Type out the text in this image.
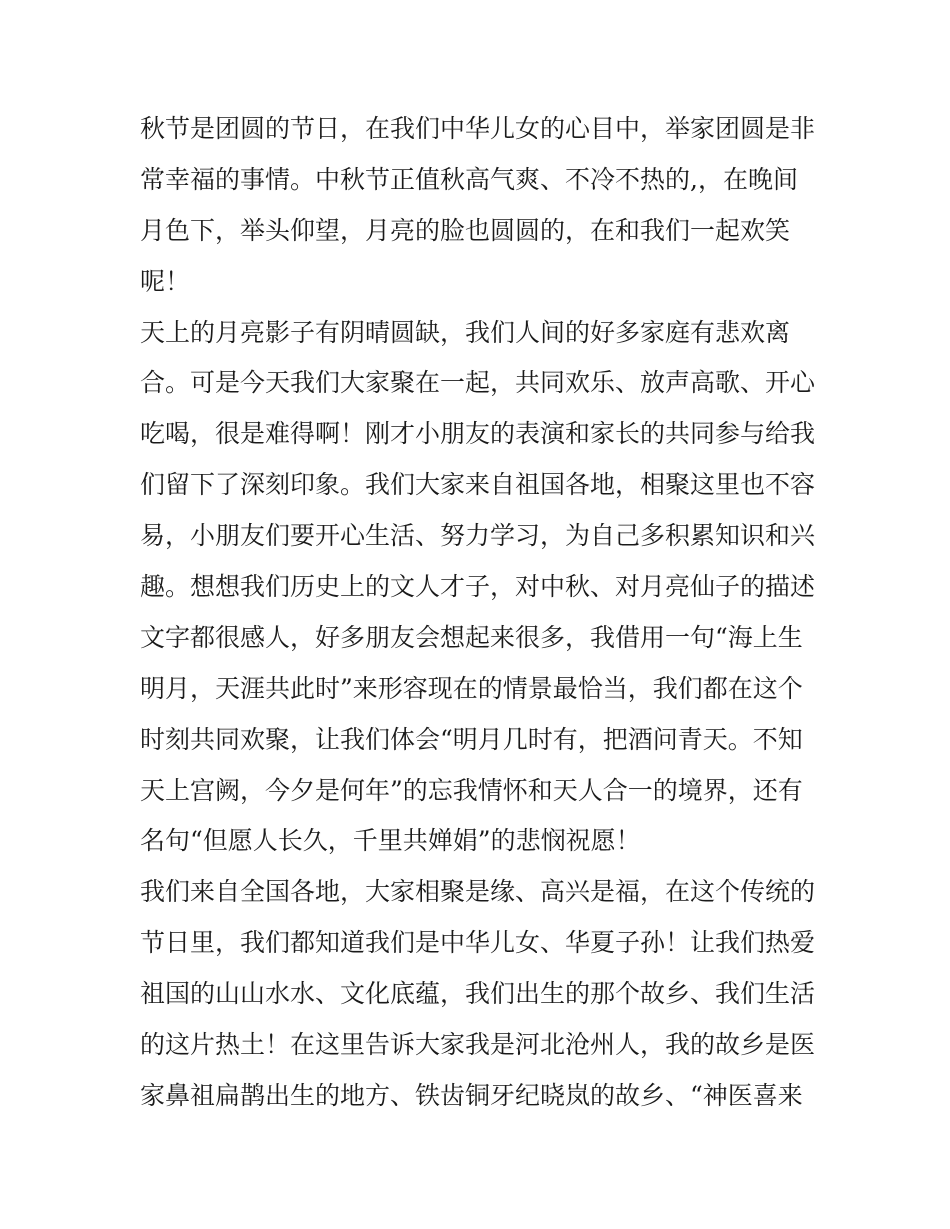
秋节是团圆的节日，在我们中华儿女的心目中，举家团圆是非
常幸福的事情。中秋节正值秋高气爽、不冷不热的,，在晚间
月色下，举头仰望，月亮的脸也圆圆的，在和我们一起欢笑
呢！
天上的月亮影子有阴晴圆缺，我们人间的好多家庭有悲欢离
合。可是今天我们大家聚在一起，共同欢乐、放声高歌、开心
吃喝，很是难得啊！刚才小朋友的表演和家长的共同参与给我
们留下了深刻印象。我们大家来自祖国各地，相聚这里也不容
易，小朋友们要开心生活、努力学习，为自己多积累知识和兴
趣。想想我们历史上的文人才子，对中秋、对月亮仙子的描述
文字都很感人，好多朋友会想起来很多，我借用一句“海上生
明月，天涯共此时”来形容现在的情景最恰当，我们都在这个
时刻共同欢聚，让我们体会“明月几时有，把酒问青天。不知
天上宫阙，今夕是何年”的忘我情怀和天人合一的境界，还有
名句“但愿人长久，千里共婵娟”的悲悯祝愿！
我们来自全国各地，大家相聚是缘、高兴是福，在这个传统的
节日里，我们都知道我们是中华儿女、华夏子孙！让我们热爱
祖国的山山水水、文化底蕴，我们出生的那个故乡、我们生活
的这片热土！在这里告诉大家我是河北沧州人，我的故乡是医
家鼻祖扁鹊出生的地方、铁齿铜牙纪晓岚的故乡、“神医喜来
